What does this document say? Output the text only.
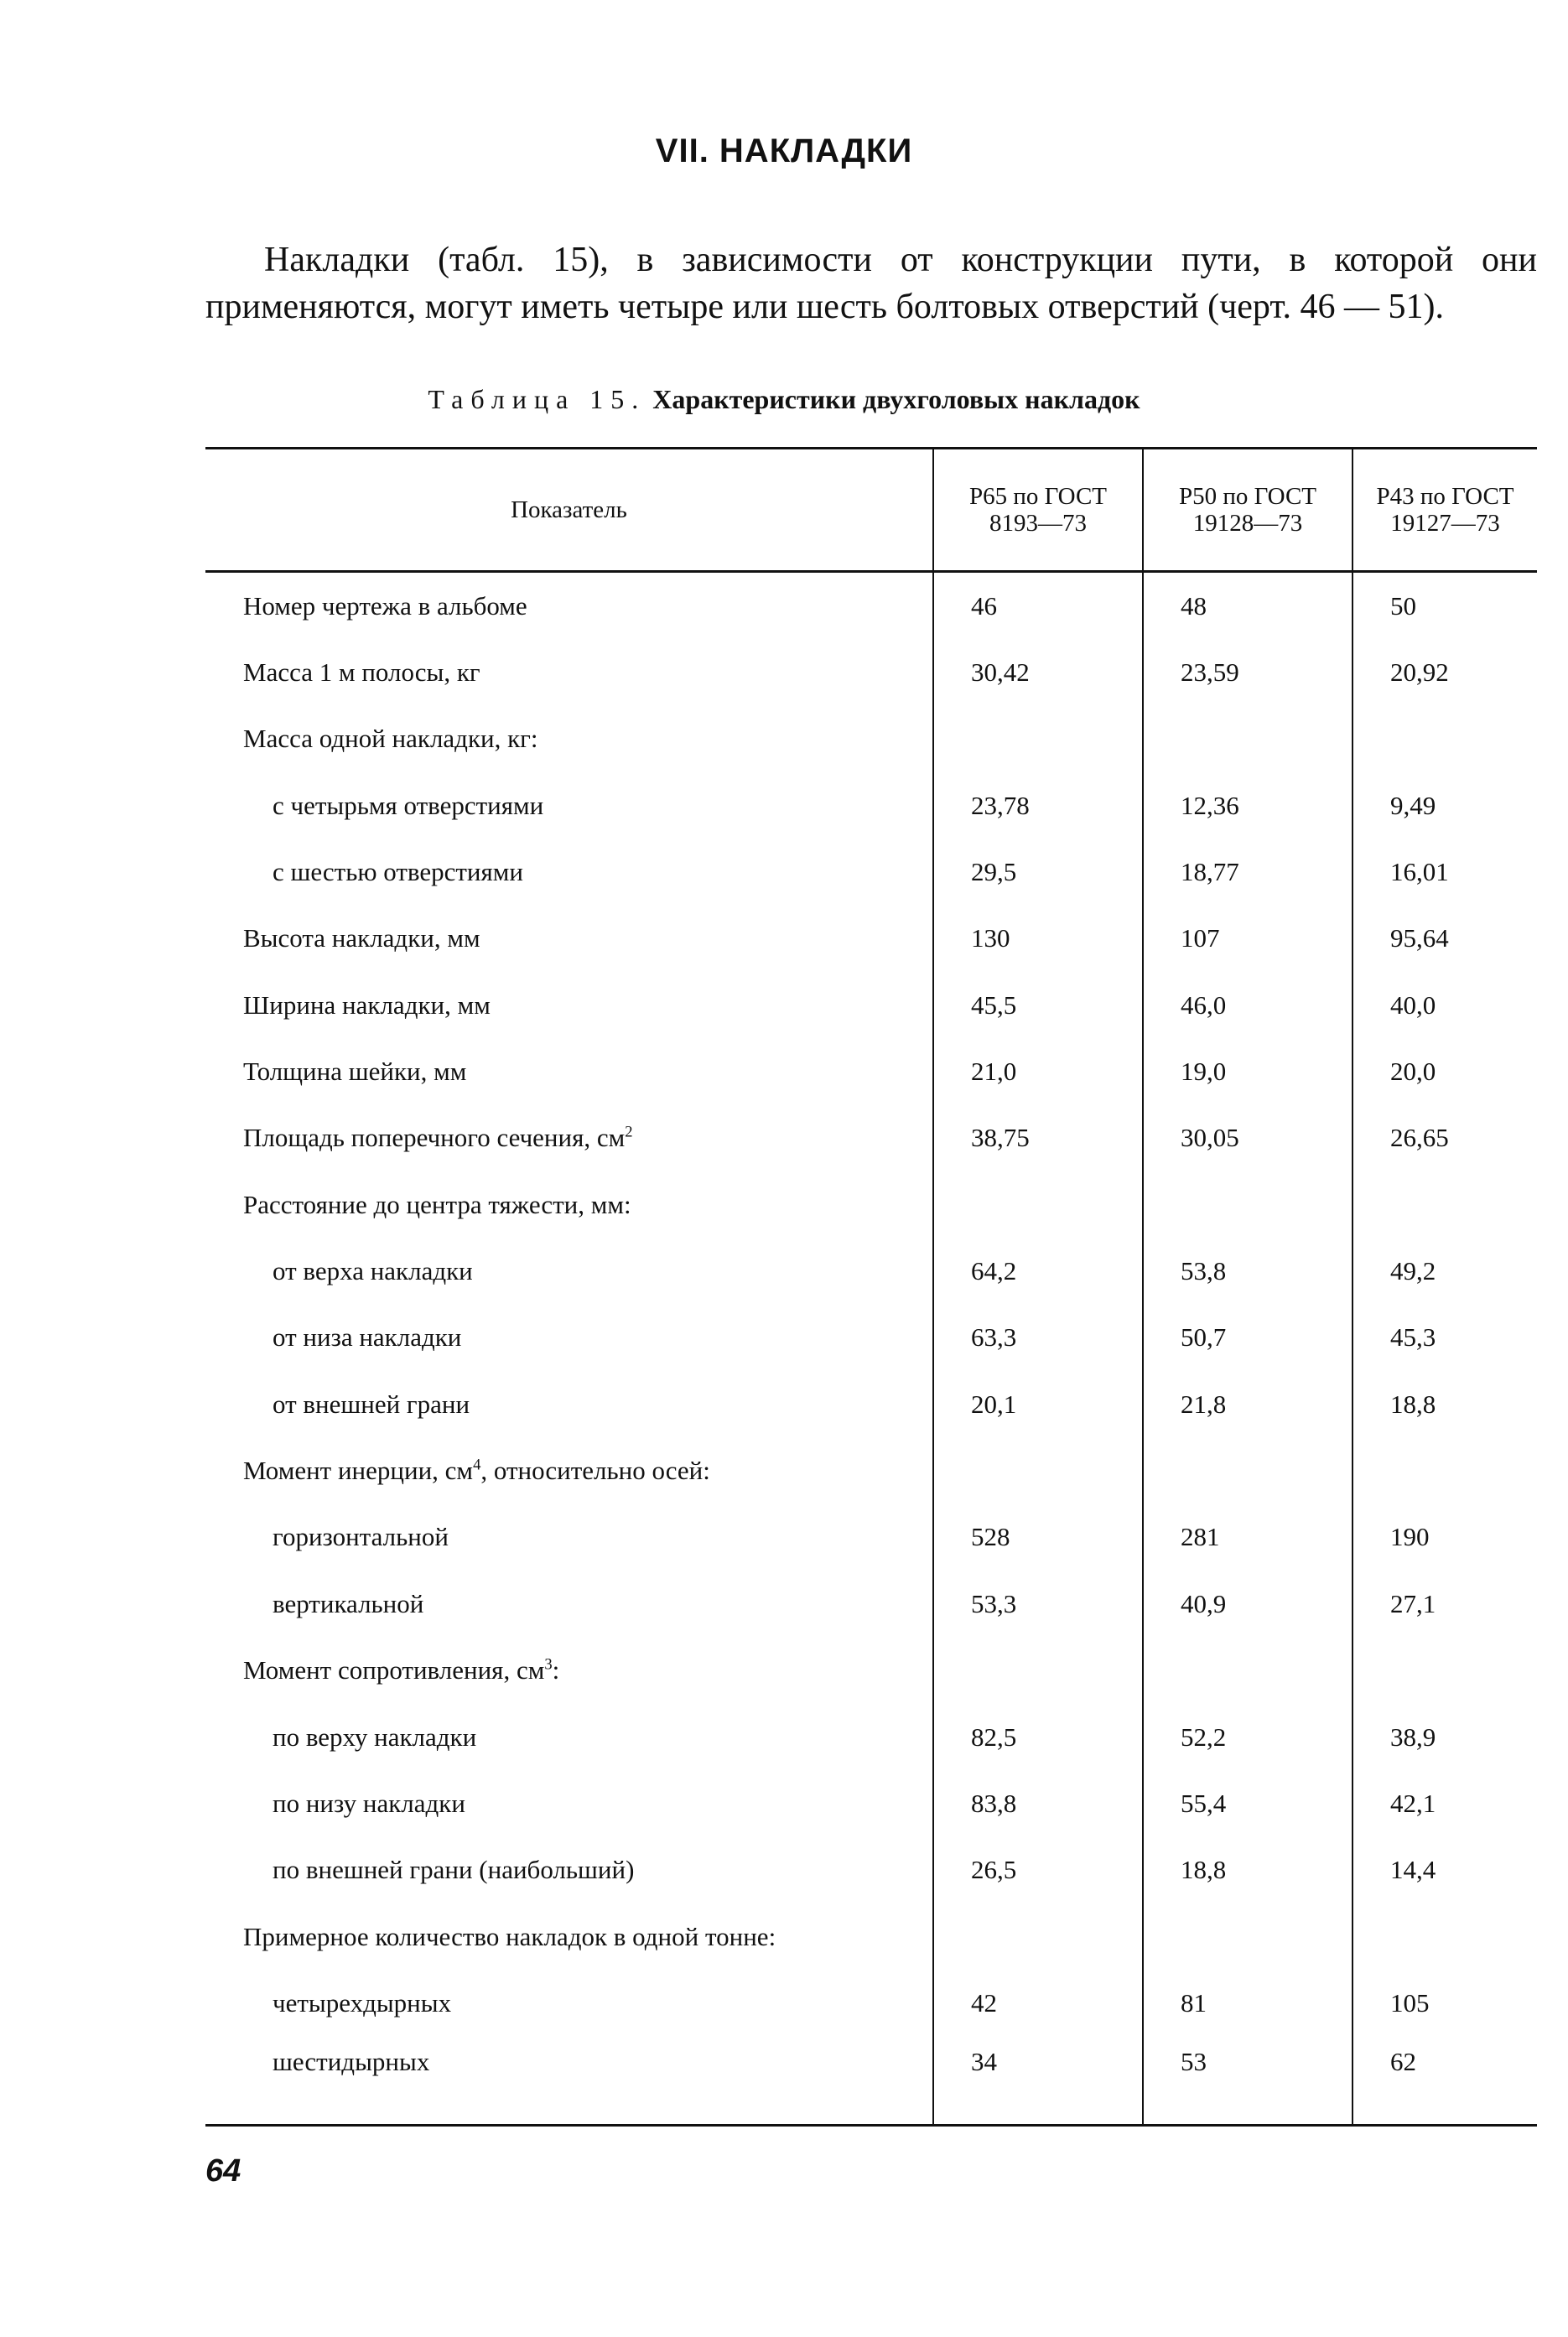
VII. НАКЛАДКИ

Накладки (табл. 15), в зависимости от конструкции пути, в которой они применяются, могут иметь четыре или шесть болтовых отверстий (черт. 46 — 51).

Таблица 15. Характеристики двухголовых накладок
Показатель	Р65 по ГОСТ 8193—73	Р50 по ГОСТ 19128—73	Р43 по ГОСТ 19127—73

Номер чертежа в альбоме	46	48	50
Масса 1 м полосы, кг	30,42	23,59	20,92
Масса одной накладки, кг:			
с четырьмя отверстиями	23,78	12,36	9,49
с шестью отверстиями	29,5	18,77	16,01
Высота накладки, мм	130	107	95,64
Ширина накладки, мм	45,5	46,0	40,0
Толщина шейки, мм	21,0	19,0	20,0
Площадь поперечного сечения, $см^2$	38,75	30,05	26,65
Расстояние до центра тяжести, мм:			
от верха накладки	64,2	53,8	49,2
от низа накладки	63,3	50,7	45,3
от внешней грани	20,1	21,8	18,8
Момент инерции, $см^4$, относительно осей:			
горизонтальной	528	281	190
вертикальной	53,3	40,9	27,1
Момент сопротивления, $см^3$:			
по верху накладки	82,5	52,2	38,9
по низу накладки	83,8	55,4	42,1
по внешней грани (наибольший)	26,5	18,8	14,4
Примерное количество накладок в одной тонне:			
четырехдырных	42	81	105
шестидырных	34	53	62
64
